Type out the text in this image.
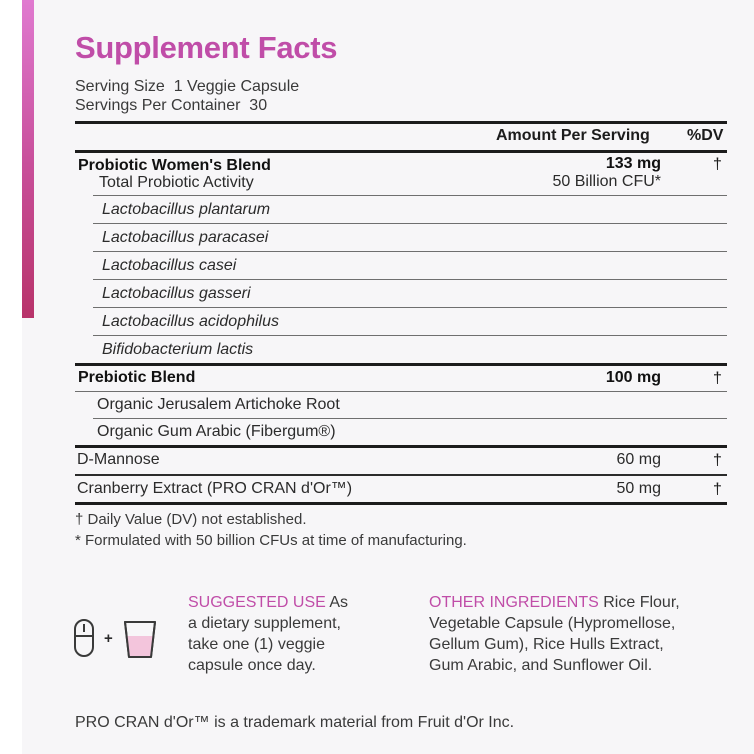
Supplement Facts
Serving Size  1 Veggie Capsule
Servings Per Container  30
Amount Per Serving %DV
Probiotic Women's Blend	133 mg	†
Total Probiotic Activity	50 Billion CFU*
Lactobacillus plantarum
Lactobacillus paracasei
Lactobacillus casei
Lactobacillus gasseri
Lactobacillus acidophilus
Bifidobacterium lactis
Prebiotic Blend	100 mg	†
Organic Jerusalem Artichoke Root
Organic Gum Arabic (Fibergum®)
D-Mannose	60 mg	†
Cranberry Extract (PRO CRAN d'Or™)	50 mg	†
† Daily Value (DV) not established.
* Formulated with 50 billion CFUs at time of manufacturing.
+
SUGGESTED USE As
a dietary supplement,
take one (1) veggie
capsule once day.
OTHER INGREDIENTS Rice Flour,
Vegetable Capsule (Hypromellose,
Gellum Gum), Rice Hulls Extract,
Gum Arabic, and Sunflower Oil.
PRO CRAN d'Or™ is a trademark material from Fruit d'Or Inc.
